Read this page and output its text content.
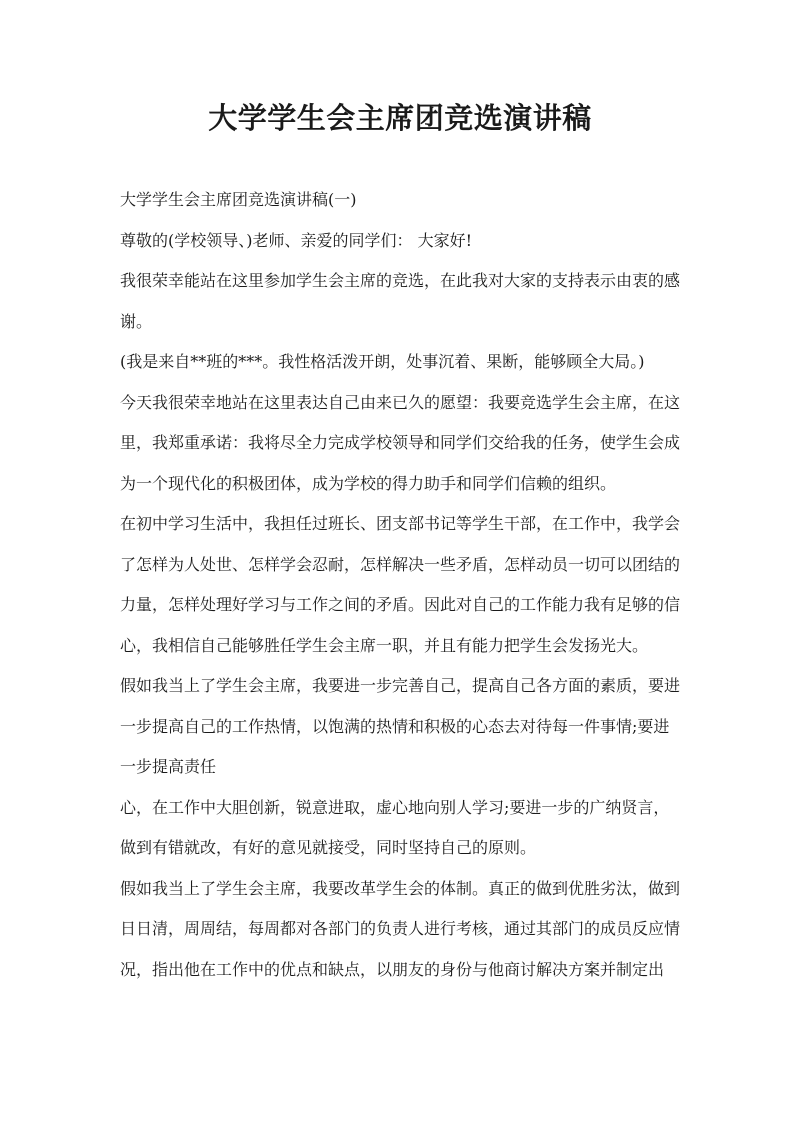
大学学生会主席团竞选演讲稿

大学学生会主席团竞选演讲稿(一)

尊敬的(学校领导、)老师、亲爱的同学们： 大家好!

我很荣幸能站在这里参加学生会主席的竞选，在此我对大家的支持表示由衷的感谢。

(我是来自**班的***。我性格活泼开朗，处事沉着、果断，能够顾全大局。)

今天我很荣幸地站在这里表达自己由来已久的愿望：我要竞选学生会主席，在这里，我郑重承诺：我将尽全力完成学校领导和同学们交给我的任务，使学生会成为一个现代化的积极团体，成为学校的得力助手和同学们信赖的组织。

在初中学习生活中，我担任过班长、团支部书记等学生干部，在工作中，我学会了怎样为人处世、怎样学会忍耐，怎样解决一些矛盾，怎样动员一切可以团结的力量，怎样处理好学习与工作之间的矛盾。因此对自己的工作能力我有足够的信心，我相信自己能够胜任学生会主席一职，并且有能力把学生会发扬光大。

假如我当上了学生会主席，我要进一步完善自己，提高自己各方面的素质，要进一步提高自己的工作热情，以饱满的热情和积极的心态去对待每一件事情;要进一步提高责任

心，在工作中大胆创新，锐意进取，虚心地向别人学习;要进一步的广纳贤言，做到有错就改，有好的意见就接受，同时坚持自己的原则。

假如我当上了学生会主席，我要改革学生会的体制。真正的做到优胜劣汰，做到日日清，周周结，每周都对各部门的负责人进行考核，通过其部门的成员反应情况，指出他在工作中的优点和缺点，以朋友的身份与他商讨解决方案并制定出
